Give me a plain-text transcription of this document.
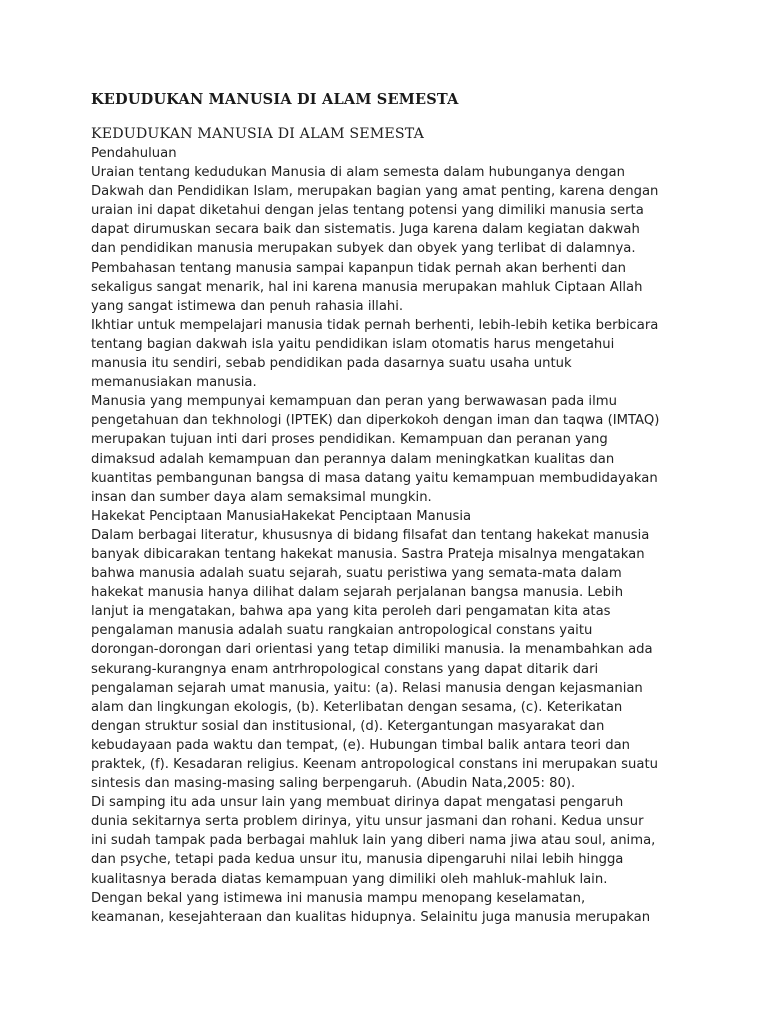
KEDUDUKAN MANUSIA DI ALAM SEMESTA
KEDUDUKAN MANUSIA DI ALAM SEMESTA
Pendahuluan
Uraian tentang kedudukan Manusia di alam semesta dalam hubunganya dengan
Dakwah dan Pendidikan Islam, merupakan bagian yang amat penting, karena dengan
uraian ini dapat diketahui dengan jelas tentang potensi yang dimiliki manusia serta
dapat dirumuskan secara baik dan sistematis. Juga karena dalam kegiatan dakwah
dan pendidikan manusia merupakan subyek dan obyek yang terlibat di dalamnya.
Pembahasan tentang manusia sampai kapanpun tidak pernah akan berhenti dan
sekaligus sangat menarik, hal ini karena manusia merupakan mahluk Ciptaan Allah
yang sangat istimewa dan penuh rahasia illahi.
Ikhtiar untuk mempelajari manusia tidak pernah berhenti, lebih-lebih ketika berbicara
tentang bagian dakwah isla yaitu pendidikan islam otomatis harus mengetahui
manusia itu sendiri, sebab pendidikan pada dasarnya suatu usaha untuk
memanusiakan manusia.
Manusia yang mempunyai kemampuan dan peran yang berwawasan pada ilmu
pengetahuan dan tekhnologi (IPTEK) dan diperkokoh dengan iman dan taqwa (IMTAQ)
merupakan tujuan inti dari proses pendidikan. Kemampuan dan peranan yang
dimaksud adalah kemampuan dan perannya dalam meningkatkan kualitas dan
kuantitas pembangunan bangsa di masa datang yaitu kemampuan membudidayakan
insan dan sumber daya alam semaksimal mungkin.
Hakekat Penciptaan ManusiaHakekat Penciptaan Manusia
Dalam berbagai literatur, khususnya di bidang filsafat dan tentang hakekat manusia
banyak dibicarakan tentang hakekat manusia. Sastra Prateja misalnya mengatakan
bahwa manusia adalah suatu sejarah, suatu peristiwa yang semata-mata dalam
hakekat manusia hanya dilihat dalam sejarah perjalanan bangsa manusia. Lebih
lanjut ia mengatakan, bahwa apa yang kita peroleh dari pengamatan kita atas
pengalaman manusia adalah suatu rangkaian antropological constans yaitu
dorongan-dorongan dari orientasi yang tetap dimiliki manusia. Ia menambahkan ada
sekurang-kurangnya enam antrhropological constans yang dapat ditarik dari
pengalaman sejarah umat manusia, yaitu: (a). Relasi manusia dengan kejasmanian
alam dan lingkungan ekologis, (b). Keterlibatan dengan sesama, (c). Keterikatan
dengan struktur sosial dan institusional, (d). Ketergantungan masyarakat dan
kebudayaan pada waktu dan tempat, (e). Hubungan timbal balik antara teori dan
praktek, (f). Kesadaran religius. Keenam antropological constans ini merupakan suatu
sintesis dan masing-masing saling berpengaruh. (Abudin Nata,2005: 80).
Di samping itu ada unsur lain yang membuat dirinya dapat mengatasi pengaruh
dunia sekitarnya serta problem dirinya, yitu unsur jasmani dan rohani. Kedua unsur
ini sudah tampak pada berbagai mahluk lain yang diberi nama jiwa atau soul, anima,
dan psyche, tetapi pada kedua unsur itu, manusia dipengaruhi nilai lebih hingga
kualitasnya berada diatas kemampuan yang dimiliki oleh mahluk-mahluk lain.
Dengan bekal yang istimewa ini manusia mampu menopang keselamatan,
keamanan, kesejahteraan dan kualitas hidupnya. Selainitu juga manusia merupakan
